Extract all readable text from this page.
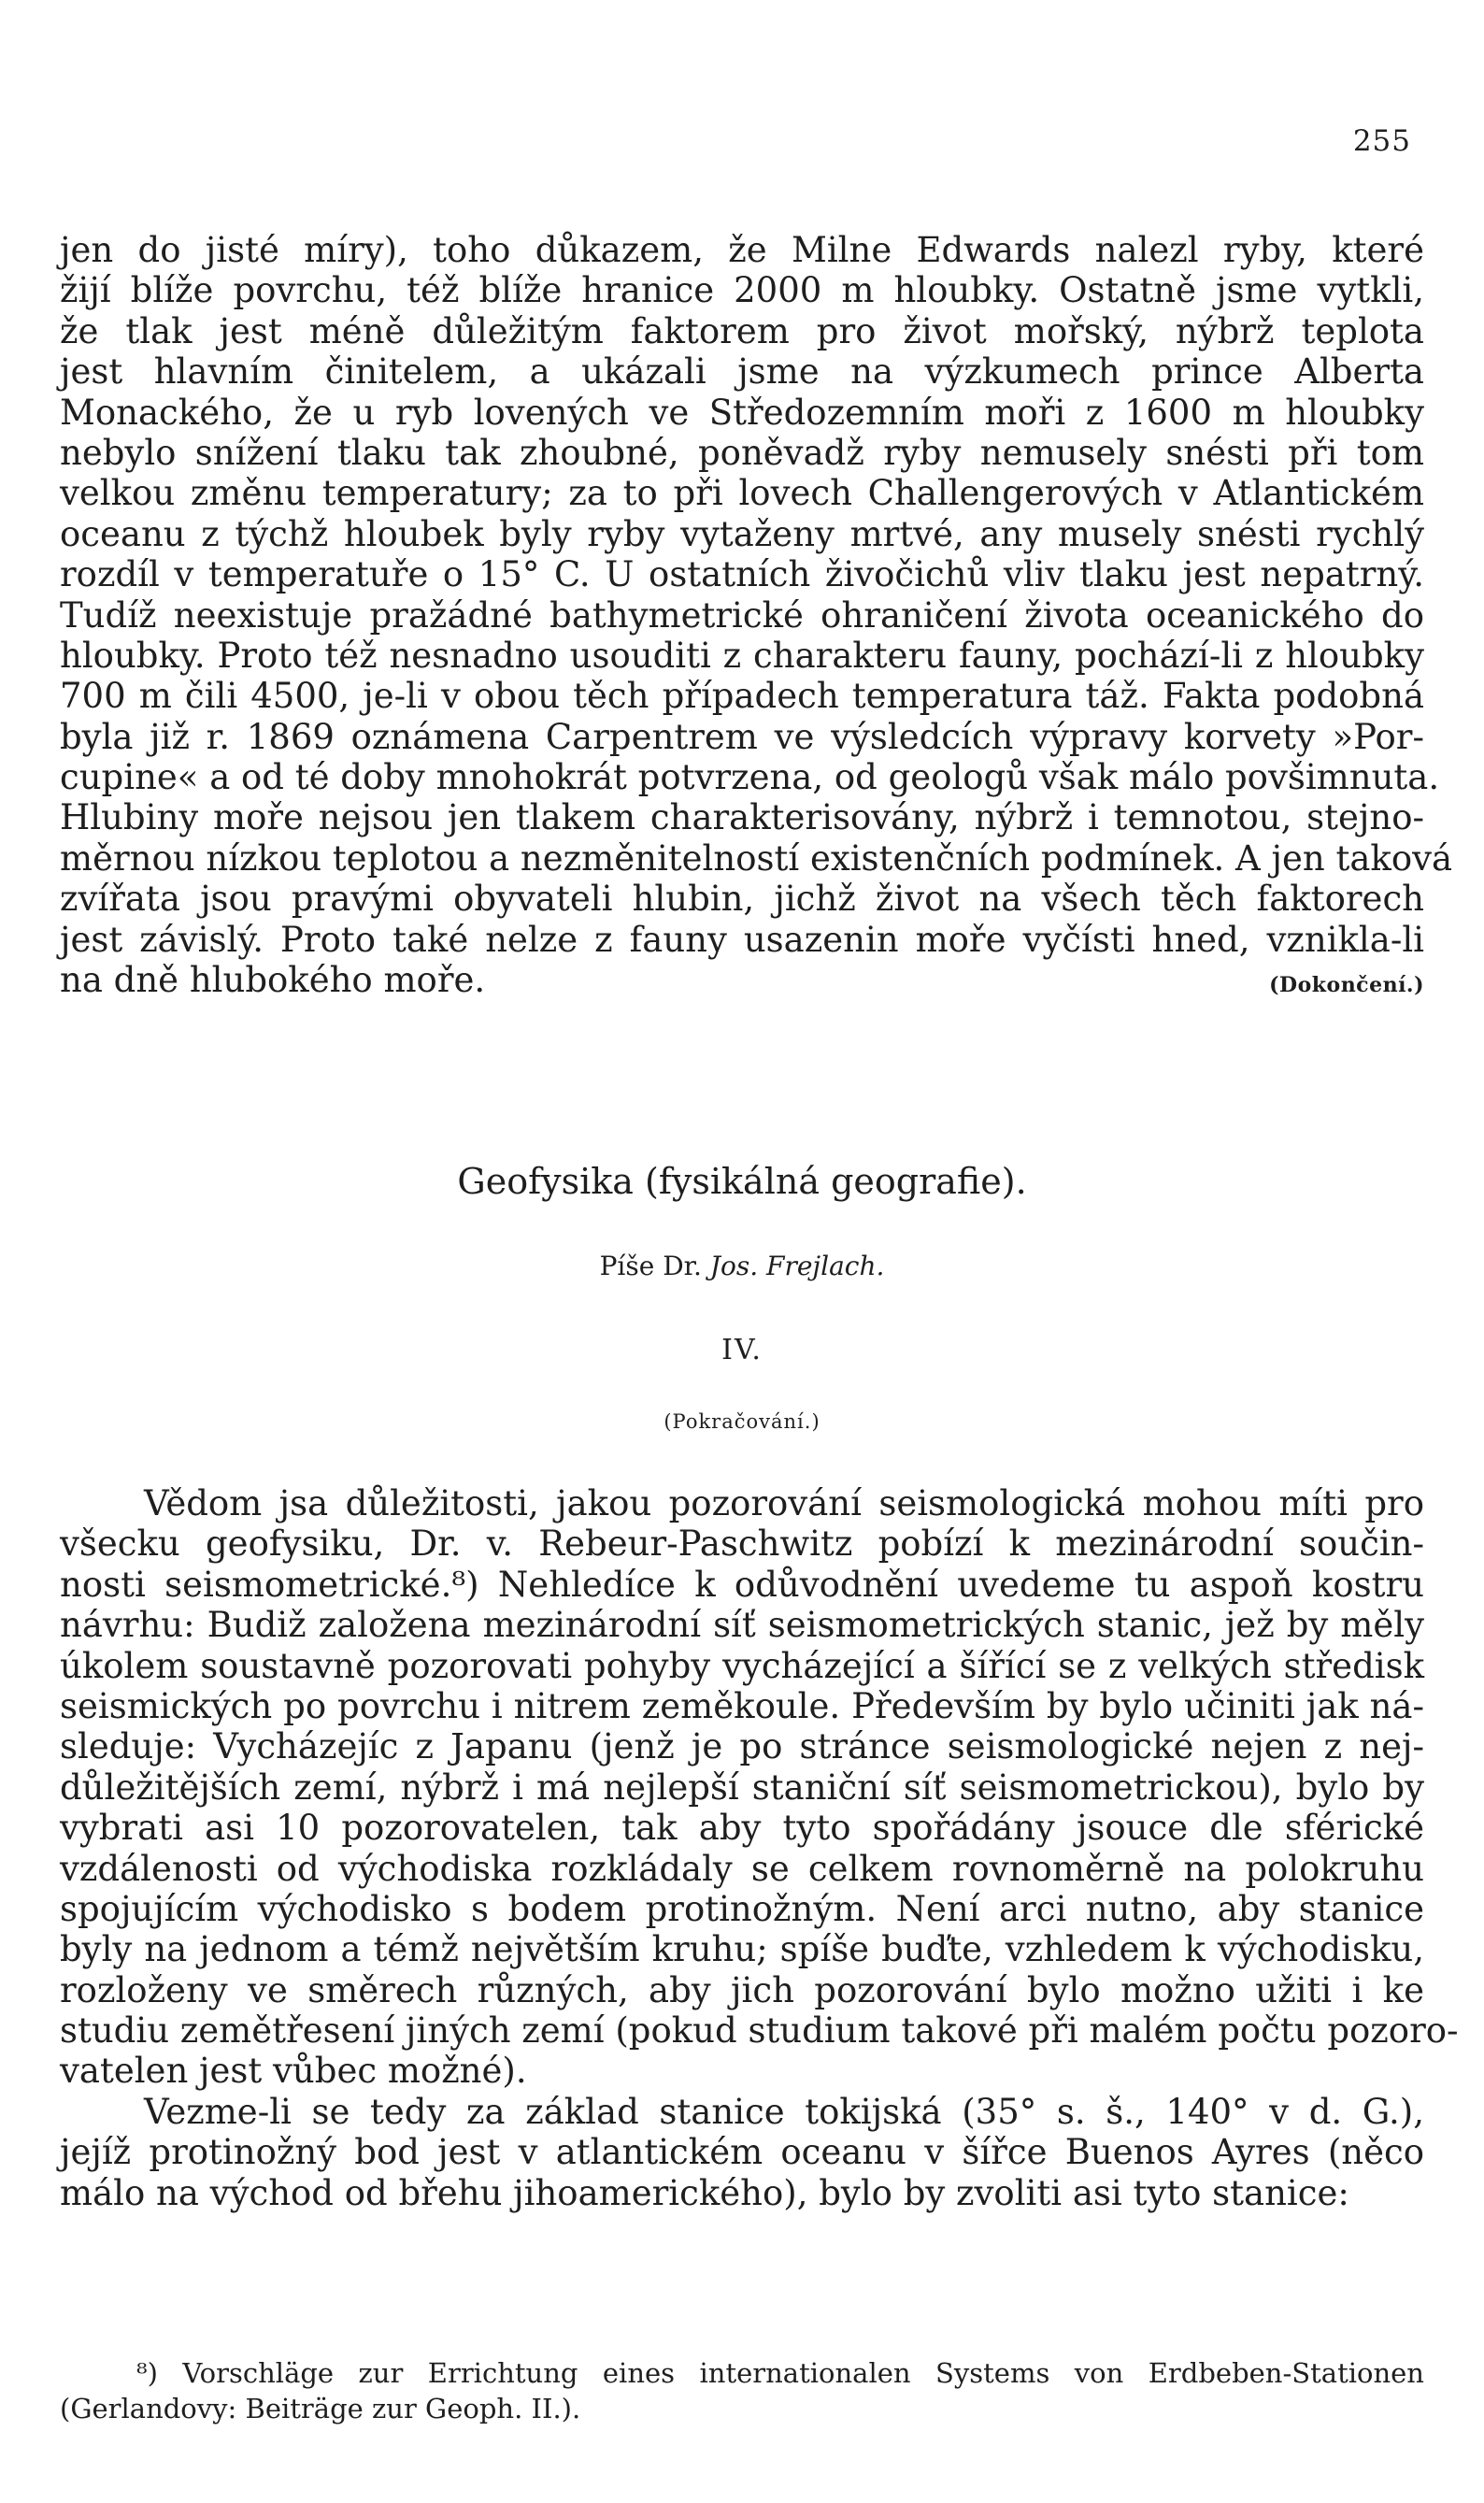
255
jen do jisté míry), toho důkazem, že Milne Edwards nalezl ryby, které
žijí blíže povrchu, též blíže hranice 2000 m hloubky. Ostatně jsme vytkli,
že tlak jest méně důležitým faktorem pro život mořský, nýbrž teplota
jest hlavním činitelem, a ukázali jsme na výzkumech prince Alberta
Monackého, že u ryb lovených ve Středozemním moři z 1600 m hloubky
nebylo snížení tlaku tak zhoubné, poněvadž ryby nemusely snésti při tom
velkou změnu temperatury; za to při lovech Challengerových v Atlantickém
oceanu z týchž hloubek byly ryby vytaženy mrtvé, any musely snésti rychlý
rozdíl v temperatuře o 15° C. U ostatních živočichů vliv tlaku jest nepatrný.
Tudíž neexistuje pražádné bathymetrické ohraničení života oceanického do
hloubky. Proto též nesnadno usouditi z charakteru fauny, pochází-li z hloubky
700 m čili 4500, je-li v obou těch případech temperatura táž. Fakta podobná
byla již r. 1869 oznámena Carpentrem ve výsledcích výpravy korvety »Por-
cupine« a od té doby mnohokrát potvrzena, od geologů však málo povšimnuta.
Hlubiny moře nejsou jen tlakem charakterisovány, nýbrž i temnotou, stejno-
měrnou nízkou teplotou a nezměnitelností existenčních podmínek. A jen taková
zvířata jsou pravými obyvateli hlubin, jichž život na všech těch faktorech
jest závislý. Proto také nelze z fauny usazenin moře vyčísti hned, vznikla-li
na dně hlubokého moře.	(Dokončení.)
Geofysika (fysikálná geografie).
Píše Dr. Jos. Frejlach.
IV.
(Pokračování.)
Vědom jsa důležitosti, jakou pozorování seismologická mohou míti pro
všecku geofysiku, Dr. v. Rebeur-Paschwitz pobízí k mezinárodní součin-
nosti seismometrické.⁸) Nehledíce k odůvodnění uvedeme tu aspoň kostru
návrhu: Budiž založena mezinárodní síť seismometrických stanic, jež by měly
úkolem soustavně pozorovati pohyby vycházející a šířící se z velkých středisk
seismických po povrchu i nitrem zeměkoule. Především by bylo učiniti jak ná-
sleduje: Vycházejíc z Japanu (jenž je po stránce seismologické nejen z nej-
důležitějších zemí, nýbrž i má nejlepší staniční síť seismometrickou), bylo by
vybrati asi 10 pozorovatelen, tak aby tyto spořádány jsouce dle sférické
vzdálenosti od východiska rozkládaly se celkem rovnoměrně na polokruhu
spojujícím východisko s bodem protinožným. Není arci nutno, aby stanice
byly na jednom a témž největším kruhu; spíše buďte, vzhledem k východisku,
rozloženy ve směrech různých, aby jich pozorování bylo možno užiti i ke
studiu zemětřesení jiných zemí (pokud studium takové při malém počtu pozoro-
vatelen jest vůbec možné).
Vezme-li se tedy za základ stanice tokijská (35° s. š., 140° v d. G.),
jejíž protinožný bod jest v atlantickém oceanu v šířce Buenos Ayres (něco
málo na východ od břehu jihoamerického), bylo by zvoliti asi tyto stanice:
⁸) Vorschläge zur Errichtung eines internationalen Systems von Erdbeben-Stationen
(Gerlandovy: Beiträge zur Geoph. II.).
